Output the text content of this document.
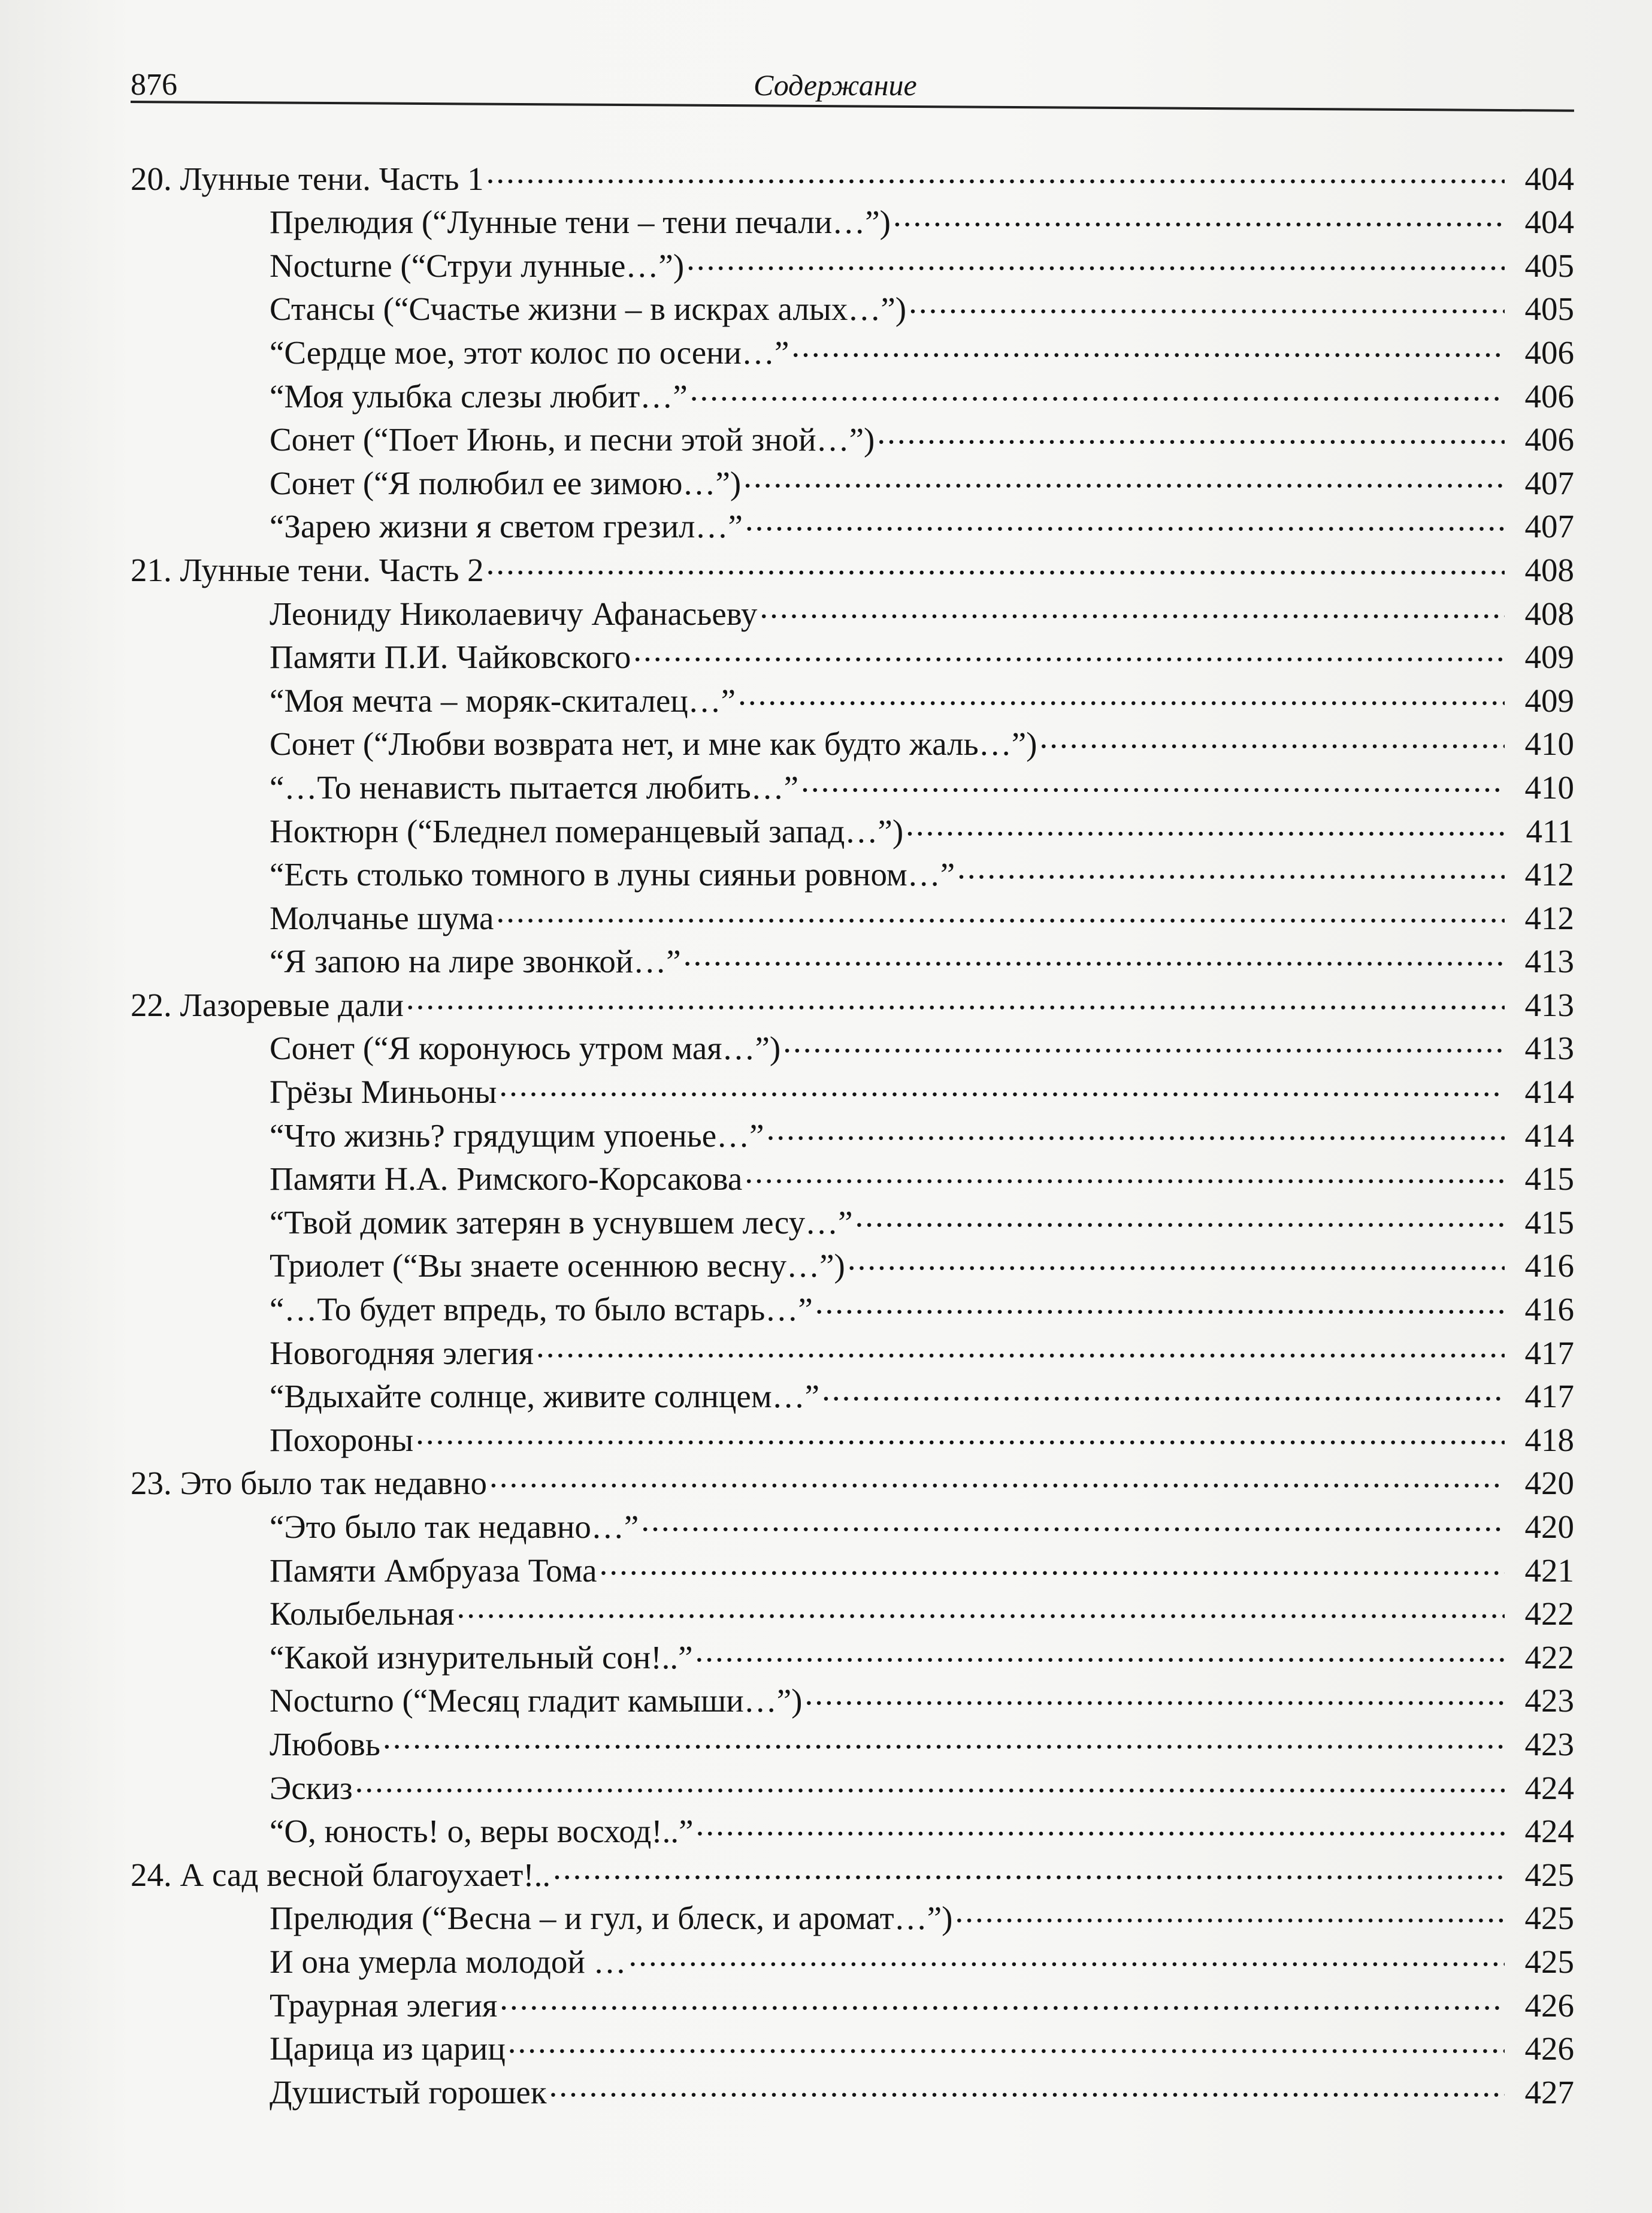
876	Содержание
20. Лунные тени. Часть 1 .....	404
Прелюдия (“Лунные тени – тени печали…”) .....	404
Nocturne (“Струи лунные…”) .....	405
Стансы (“Счастье жизни – в искрах алых…”) .....	405
“Сердце мое, этот колос по осени…” .....	406
“Моя улыбка слезы любит…” .....	406
Сонет (“Поет Июнь, и песни этой зной…”) .....	406
Сонет (“Я полюбил ее зимою…”) .....	407
“Зарею жизни я светом грезил…” .....	407
21. Лунные тени. Часть 2 .....	408
Леониду Николаевичу Афанасьеву .....	408
Памяти П.И. Чайковского .....	409
“Моя мечта – моряк-скиталец…” .....	409
Сонет (“Любви возврата нет, и мне как будто жаль…”) .....	410
“…То ненависть пытается любить…” .....	410
Ноктюрн (“Бледнел померанцевый запад…”) .....	411
“Есть столько томного в луны сияньи ровном…” .....	412
Молчанье шума .....	412
“Я запою на лире звонкой…” .....	413
22. Лазоревые дали .....	413
Сонет (“Я коронуюсь утром мая…”) .....	413
Грёзы Миньоны .....	414
“Что жизнь? грядущим упоенье…” .....	414
Памяти Н.А. Римского-Корсакова .....	415
“Твой домик затерян в уснувшем лесу…” .....	415
Триолет (“Вы знаете осеннюю весну…”) .....	416
“…То будет впредь, то было встарь…” .....	416
Новогодняя элегия .....	417
“Вдыхайте солнце, живите солнцем…” .....	417
Похороны .....	418
23. Это было так недавно .....	420
“Это было так недавно…” .....	420
Памяти Амбруаза Тома .....	421
Колыбельная .....	422
“Какой изнурительный сон!..” .....	422
Nocturno (“Месяц гладит камыши…”) .....	423
Любовь .....	423
Эскиз .....	424
“О, юность! о, веры восход!..” .....	424
24. А сад весной благоухает!.. .....	425
Прелюдия (“Весна – и гул, и блеск, и аромат…”) .....	425
И она умерла молодой … .....	425
Траурная элегия .....	426
Царица из цариц .....	426
Душистый горошек .....	427
